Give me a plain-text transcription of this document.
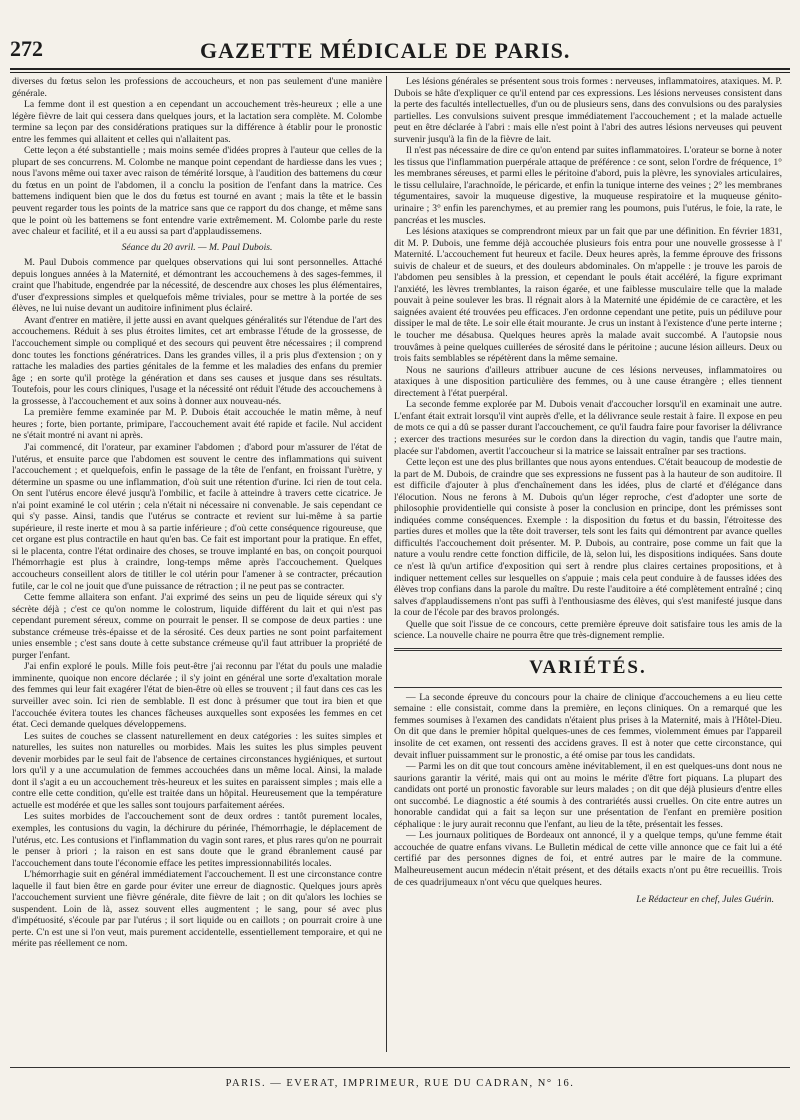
272	GAZETTE MÉDICALE DE PARIS.

diverses du fœtus selon les professions de accoucheurs, et non pas seulement d'une manière générale.

La femme dont il est question a en cependant un accouchement très-heureux ; elle a une légère fièvre de lait qui cessera dans quelques jours, et la lactation sera complète. M. Colombe termine sa leçon par des considérations pratiques sur la différence à établir pour le pronostic entre les femmes qui allaitent et celles qui n'allaitent pas.

Cette leçon a été substantielle ; mais moins semée d'idées propres à l'auteur que celles de la plupart de ses concurrens. M. Colombe ne manque point cependant de hardiesse dans les vues ; nous l'avons même oui taxer avec raison de témérité lorsque, à l'audition des battemens du cœur du fœtus en un point de l'abdomen, il a conclu la position de l'enfant dans la matrice. Ces battemens indiquent bien que le dos du fœtus est tourné en avant ; mais la tête et le bassin peuvent regarder tous les points de la matrice sans que ce rapport du dos change, et même sans que le point où les battemens se font entendre varie extrêmement. M. Colombe parle du reste avec chaleur et facilité, et il a eu aussi sa part d'applaudissemens.

Séance du 20 avril. — M. Paul Dubois.

M. Paul Dubois commence par quelques observations qui lui sont personnelles. Attaché depuis longues années à la Maternité, et démontrant les accouchemens à des sages-femmes, il craint que l'habitude, engendrée par la nécessité, de descendre aux choses les plus élémentaires, d'user d'expressions simples et quelquefois même triviales, pour se mettre à la portée de ses élèves, ne lui nuise devant un auditoire infiniment plus éclairé.

Avant d'entrer en matière, il jette aussi en avant quelques généralités sur l'étendue de l'art des accouchemens. Réduit à ses plus étroites limites, cet art embrasse l'étude de la grossesse, de l'accouchement simple ou compliqué et des secours qui peuvent être nécessaires ; il comprend donc toutes les fonctions génératrices. Dans les grandes villes, il a pris plus d'extension ; on y rattache les maladies des parties génitales de la femme et les maladies des enfans du premier âge ; en sorte qu'il protège la génération et dans ses causes et jusque dans ses résultats. Toutefois, pour les cours cliniques, l'usage et la nécessité ont réduit l'étude des accouchemens à la grossesse, à l'accouchement et aux soins à donner aux nouveau-nés.

La première femme examinée par M. P. Dubois était accouchée le matin même, à neuf heures ; forte, bien portante, primipare, l'accouchement avait été rapide et facile. Nul accident ne s'était montré ni avant ni après.

J'ai commencé, dit l'orateur, par examiner l'abdomen ; d'abord pour m'assurer de l'état de l'utérus, et ensuite parce que l'abdomen est souvent le centre des inflammations qui suivent l'accouchement ; et quelquefois, enfin le passage de la tête de l'enfant, en froissant l'urètre, y détermine un spasme ou une inflammation, d'où suit une rétention d'urine. Ici rien de tout cela. On sent l'utérus encore élevé jusqu'à l'ombilic, et facile à atteindre à travers cette cicatrice. Je n'ai point examiné le col utérin ; cela n'était ni nécessaire ni convenable. Je sais cependant ce qui s'y passe. Ainsi, tandis que l'utérus se contracte et revient sur lui-même à sa partie supérieure, il reste inerte et mou à sa partie inférieure ; d'où cette conséquence rigoureuse, que cet organe est plus contractile en haut qu'en bas. Ce fait est important pour la pratique. En effet, si le placenta, contre l'état ordinaire des choses, se trouve implanté en bas, on conçoit pourquoi l'hémorrhagie est plus à craindre, long-temps même après l'accouchement. Quelques accoucheurs conseillent alors de titiller le col utérin pour l'amener à se contracter, précaution futile, car le col ne jouit que d'une puissance de rétraction ; il ne peut pas se contracter.

Cette femme allaitera son enfant. J'ai exprimé des seins un peu de liquide séreux qui s'y sécrète déjà ; c'est ce qu'on nomme le colostrum, liquide différent du lait et qui n'est pas cependant purement séreux, comme on pourrait le penser. Il se compose de deux parties : une substance crémeuse très-épaisse et de la sérosité. Ces deux parties ne sont point parfaitement unies ensemble ; c'est sans doute à cette substance crémeuse qu'il faut attribuer la propriété de purger l'enfant.

J'ai enfin exploré le pouls. Mille fois peut-être j'ai reconnu par l'état du pouls une maladie imminente, quoique non encore déclarée ; il s'y joint en général une sorte d'exaltation morale des femmes qui leur fait exagérer l'état de bien-être où elles se trouvent ; il faut dans ces cas les surveiller avec soin. Ici rien de semblable. Il est donc à présumer que tout ira bien et que l'accouchée évitera toutes les chances fâcheuses auxquelles sont exposées les femmes en cet état. Ceci demande quelques développemens.

Les suites de couches se classent naturellement en deux catégories : les suites simples et naturelles, les suites non naturelles ou morbides. Mais les suites les plus simples peuvent devenir morbides par le seul fait de l'absence de certaines circonstances hygiéniques, et surtout lors qu'il y a une accumulation de femmes accouchées dans un même local. Ainsi, la malade dont il s'agit a eu un accouchement très-heureux et les suites en paraissent simples ; mais elle a contre elle cette condition, qu'elle est traitée dans un hôpital. Heureusement que la température actuelle est modérée et que les salles sont toujours parfaitement aérées.

Les suites morbides de l'accouchement sont de deux ordres : tantôt purement locales, exemples, les contusions du vagin, la déchirure du périnée, l'hémorrhagie, le déplacement de l'utérus, etc. Les contusions et l'inflammation du vagin sont rares, et plus rares qu'on ne pourrait le penser à priori ; la raison en est sans doute que le grand ébranlement causé par l'accouchement dans toute l'économie efface les petites impressionnabilités locales.

L'hémorrhagie suit en général immédiatement l'accouchement. Il est une circonstance contre laquelle il faut bien être en garde pour éviter une erreur de diagnostic. Quelques jours après l'accouchement survient une fièvre générale, dite fièvre de lait ; on dit qu'alors les lochies se suspendent. Loin de là, assez souvent elles augmentent ; le sang, pour sé avec plus d'impétuosité, s'écoule par par l'utérus ; il sort liquide ou en caillots ; on pourrait croire à une perte. C'n est une si l'on veut, mais purement accidentelle, essentiellement temporaire, et qui ne mérite pas réellement ce nom.

Les lésions générales se présentent sous trois formes : nerveuses, inflammatoires, ataxiques. M. P. Dubois se hâte d'expliquer ce qu'il entend par ces expressions. Les lésions nerveuses consistent dans la perte des facultés intellectuelles, d'un ou de plusieurs sens, dans des convulsions ou des paralysies partielles. Les convulsions suivent presque immédiatement l'accouchement ; et la malade actuelle peut en être déclarée à l'abri : mais elle n'est point à l'abri des autres lésions nerveuses qui peuvent survenir jusqu'à la fin de la fièvre de lait.

Il n'est pas nécessaire de dire ce qu'on entend par suites inflammatoires. L'orateur se borne à noter les tissus que l'inflammation puerpérale attaque de préférence : ce sont, selon l'ordre de fréquence, 1° les membranes séreuses, et parmi elles le péritoine d'abord, puis la plèvre, les synoviales articulaires, le tissu cellulaire, l'arachnoïde, le péricarde, et enfin la tunique interne des veines ; 2° les membranes tégumentaires, savoir la muqueuse digestive, la muqueuse respiratoire et la muqueuse génito-urinaire ; 3° enfin les parenchymes, et au premier rang les poumons, puis l'utérus, le foie, la rate, le pancréas et les muscles.

Les lésions ataxiques se comprendront mieux par un fait que par une définition. En février 1831, dit M. P. Dubois, une femme déjà accouchée plusieurs fois entra pour une nouvelle grossesse à l' Maternité. L'accouchement fut heureux et facile. Deux heures après, la femme éprouve des frissons suivis de chaleur et de sueurs, et des douleurs abdominales. On m'appelle : je trouve les parois de l'abdomen peu sensibles à la pression, et cependant le pouls était accéléré, la figure exprimant l'anxiété, les lèvres tremblantes, la raison égarée, et une faiblesse musculaire telle que la malade pouvait à peine soulever les bras. Il régnait alors à la Maternité une épidémie de ce caractère, et les saignées avaient été trouvées peu efficaces. J'en ordonne cependant une petite, puis un pédiluve pour dissiper le mal de tête. Le soir elle était mourante. Je crus un instant à l'existence d'une perte interne ; le toucher me désabusa. Quelques heures après la malade avait succombé. A l'autopsie nous trouvâmes à peine quelques cuillerées de sérosité dans le péritoine ; aucune lésion ailleurs. Deux ou trois faits semblables se répétèrent dans la même semaine.

Nous ne saurions d'ailleurs attribuer aucune de ces lésions nerveuses, inflammatoires ou ataxiques à une disposition particulière des femmes, ou à une cause étrangère ; elles tiennent directement à l'état puerpéral.

La seconde femme explorée par M. Dubois venait d'accoucher lorsqu'il en examinait une autre. L'enfant était extrait lorsqu'il vint auprès d'elle, et la délivrance seule restait à faire. Il expose en peu de mots ce qui a dû se passer durant l'accouchement, ce qu'il faudra faire pour favoriser la délivrance ; exercer des tractions mesurées sur le cordon dans la direction du vagin, tandis que l'autre main, placée sur l'abdomen, avertit l'accoucheur si la matrice se laissait entraîner par ses tractions.

Cette leçon est une des plus brillantes que nous ayons entendues. C'était beaucoup de modestie de la part de M. Dubois, de craindre que ses expressions ne fussent pas à la hauteur de son auditoire. Il est difficile d'ajouter à plus d'enchaînement dans les idées, plus de clarté et d'élégance dans l'élocution. Nous ne ferons à M. Dubois qu'un léger reproche, c'est d'adopter une sorte de philosophie providentielle qui consiste à poser la conclusion en principe, dont les prémisses sont indiquées comme conséquences. Exemple : la disposition du fœtus et du bassin, l'étroitesse des parties dures et molles que la tête doit traverser, tels sont les faits qui démontrent par avance quelles difficultés l'accouchement doit présenter. M. P. Dubois, au contraire, pose comme un fait que la nature a voulu rendre cette fonction difficile, de là, selon lui, les dispositions indiquées. Sans doute ce n'est là qu'un artifice d'exposition qui sert à rendre plus claires certaines propositions, et à indiquer nettement celles sur lesquelles on s'appuie ; mais cela peut conduire à de fausses idées des élèves trop confians dans la parole du maître. Du reste l'auditoire a été complètement entraîné ; cinq salves d'applaudissemens n'ont pas suffi à l'enthousiasme des élèves, qui s'est manifesté jusque dans la cour de l'école par des bravos prolongés.

Quelle que soit l'issue de ce concours, cette première épreuve doit satisfaire tous les amis de la science. La nouvelle chaire ne pourra être que très-dignement remplie.

VARIÉTÉS.

— La seconde épreuve du concours pour la chaire de clinique d'accouchemens a eu lieu cette semaine : elle consistait, comme dans la première, en leçons cliniques. On a remarqué que les femmes soumises à l'examen des candidats n'étaient plus prises à la Maternité, mais à l'Hôtel-Dieu. On dit que dans le premier hôpital quelques-unes de ces femmes, violemment émues par l'appareil insolite de cet examen, ont ressenti des accidens graves. Il est à noter que cette circonstance, qui devait influer puissamment sur le pronostic, a été omise par tous les candidats.

— Parmi les on dit que tout concours amène inévitablement, il en est quelques-uns dont nous ne saurions garantir la vérité, mais qui ont au moins le mérite d'être fort piquans. La plupart des candidats ont porté un pronostic favorable sur leurs malades ; on dit que déjà plusieurs d'entre elles ont succombé. Le diagnostic a été soumis à des contrariétés aussi cruelles. On cite entre autres un honorable candidat qui a fait sa leçon sur une présentation de l'enfant en première position céphalique : le jury aurait reconnu que l'enfant, au lieu de la tête, présentait les fesses.

— Les journaux politiques de Bordeaux ont annoncé, il y a quelque temps, qu'une femme était accouchée de quatre enfans vivans. Le Bulletin médical de cette ville annonce que ce fait lui a été certifié par des personnes dignes de foi, et entré autres par le maire de la commune. Malheureusement aucun médecin n'était présent, et des détails exacts n'ont pu être recueillis. Trois de ces quadrijumeaux n'ont vécu que quelques heures.

Le Rédacteur en chef, Jules Guérin.
PARIS. — EVERAT, IMPRIMEUR, RUE DU CADRAN, N° 16.
